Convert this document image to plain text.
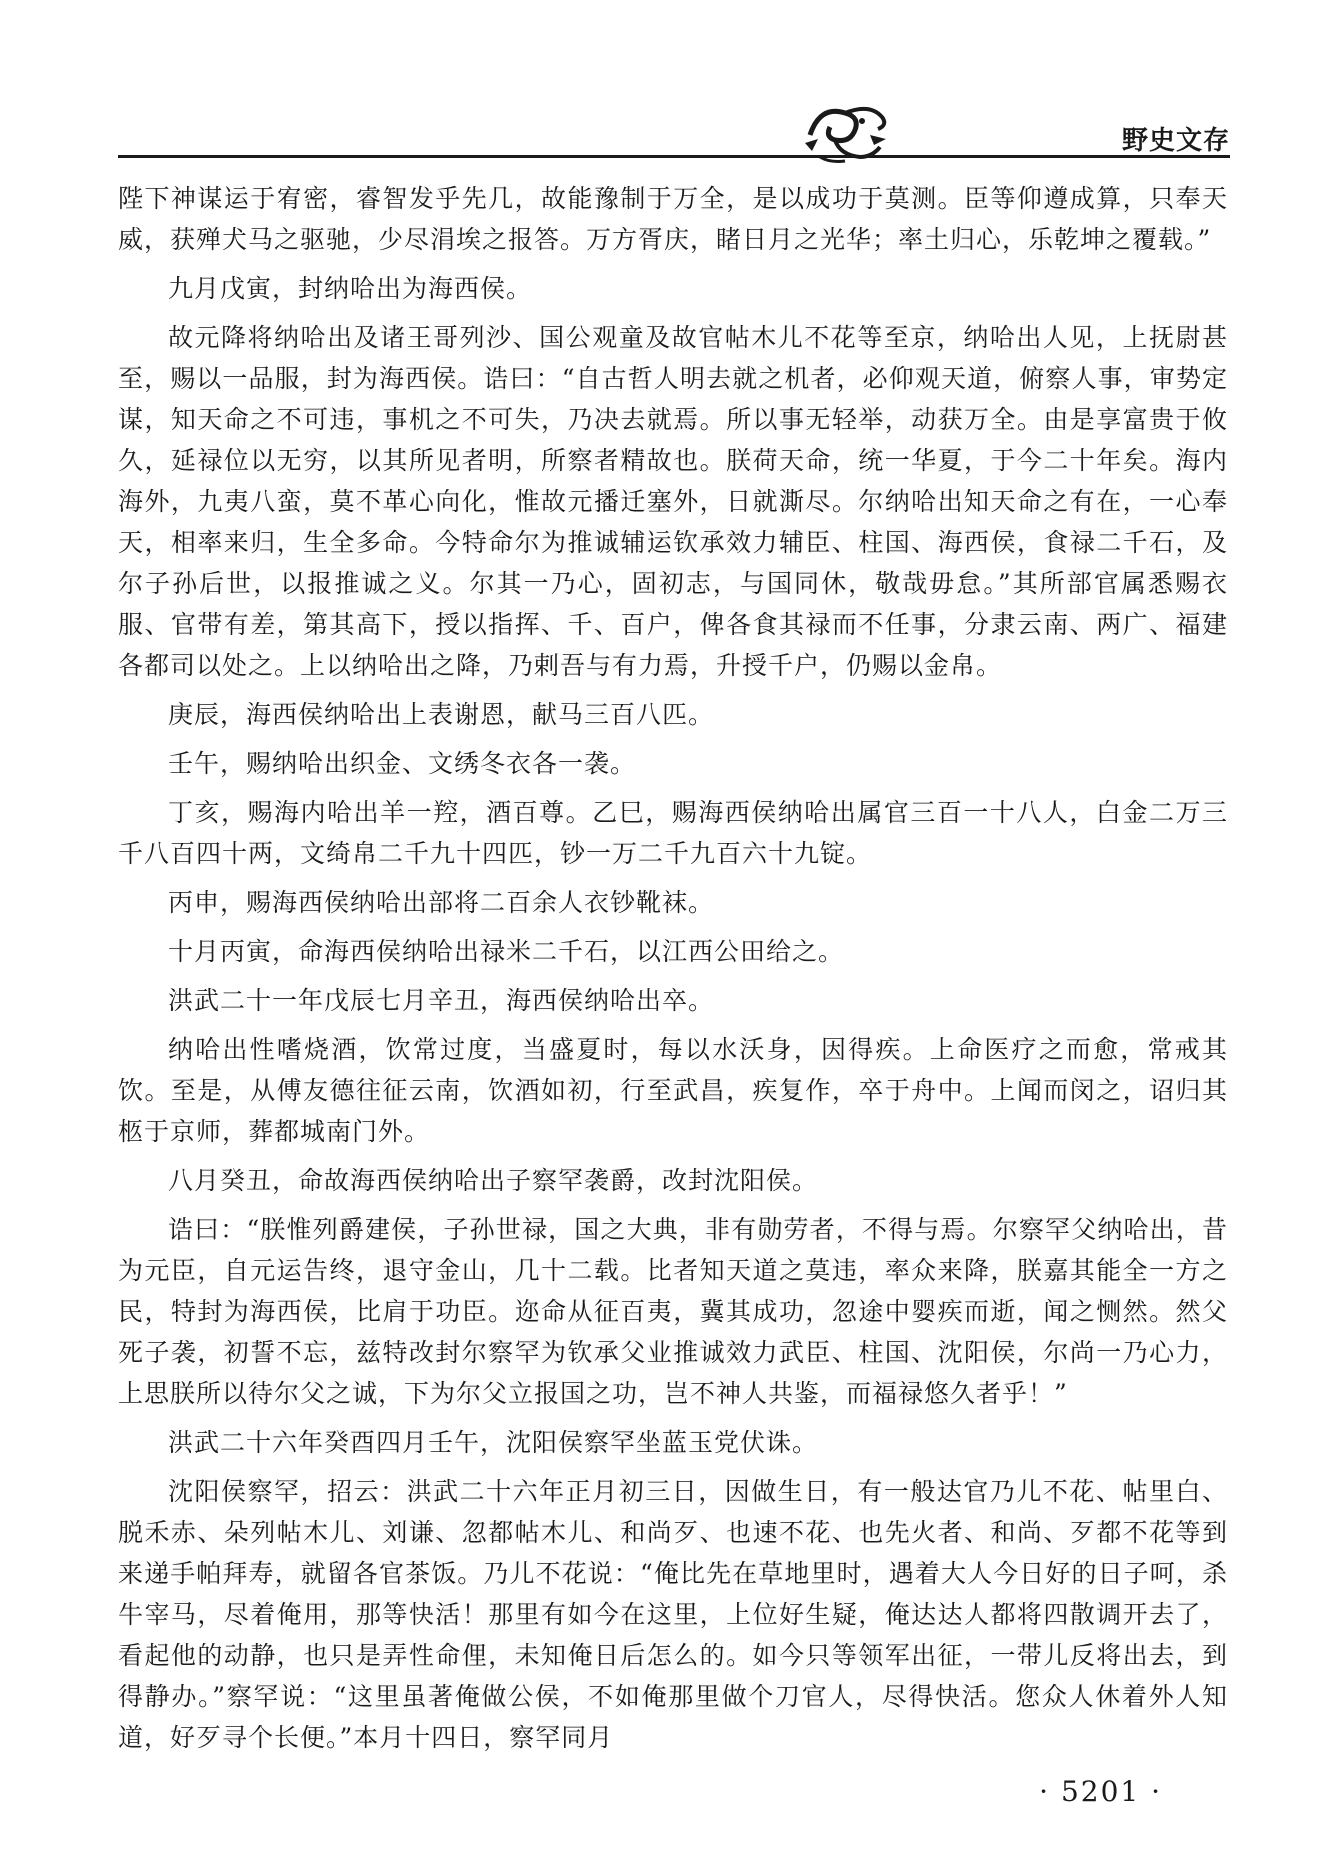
野史文存

陛下神谋运于宥密，睿智发乎先几，故能豫制于万全，是以成功于莫测。臣等仰遵成算，只奉天威，获殚犬马之驱驰，少尽涓埃之报答。万方胥庆，睹日月之光华；率土归心，乐乾坤之覆载。”

九月戊寅，封纳哈出为海西侯。

故元降将纳哈出及诸王哥列沙、国公观童及故官帖木儿不花等至京，纳哈出人见，上抚尉甚至，赐以一品服，封为海西侯。诰曰：“自古哲人明去就之机者，必仰观天道，俯察人事，审势定谋，知天命之不可违，事机之不可失，乃决去就焉。所以事无轻举，动获万全。由是享富贵于攸久，延禄位以无穷，以其所见者明，所察者精故也。朕荷天命，统一华夏，于今二十年矣。海内海外，九夷八蛮，莫不革心向化，惟故元播迁塞外，日就澌尽。尔纳哈出知天命之有在，一心奉天，相率来归，生全多命。今特命尔为推诚辅运钦承效力辅臣、柱国、海西侯，食禄二千石，及尔子孙后世，以报推诚之义。尔其一乃心，固初志，与国同休，敬哉毋怠。”其所部官属悉赐衣服、官带有差，第其高下，授以指挥、千、百户，俾各食其禄而不任事，分隶云南、两广、福建各都司以处之。上以纳哈出之降，乃剌吾与有力焉，升授千户，仍赐以金帛。

庚辰，海西侯纳哈出上表谢恩，献马三百八匹。

壬午，赐纳哈出织金、文绣冬衣各一袭。

丁亥，赐海内哈出羊一羫，酒百尊。乙巳，赐海西侯纳哈出属官三百一十八人，白金二万三千八百四十两，文绮帛二千九十四匹，钞一万二千九百六十九锭。

丙申，赐海西侯纳哈出部将二百余人衣钞靴袜。

十月丙寅，命海西侯纳哈出禄米二千石，以江西公田给之。

洪武二十一年戊辰七月辛丑，海西侯纳哈出卒。

纳哈出性嗜烧酒，饮常过度，当盛夏时，每以水沃身，因得疾。上命医疗之而愈，常戒其饮。至是，从傅友德往征云南，饮酒如初，行至武昌，疾复作，卒于舟中。上闻而闵之，诏归其柩于京师，葬都城南门外。

八月癸丑，命故海西侯纳哈出子察罕袭爵，改封沈阳侯。

诰曰：“朕惟列爵建侯，子孙世禄，国之大典，非有勋劳者，不得与焉。尔察罕父纳哈出，昔为元臣，自元运告终，退守金山，几十二载。比者知天道之莫违，率众来降，朕嘉其能全一方之民，特封为海西侯，比肩于功臣。迩命从征百夷，冀其成功，忽途中婴疾而逝，闻之恻然。然父死子袭，初誓不忘，兹特改封尔察罕为钦承父业推诚效力武臣、柱国、沈阳侯，尔尚一乃心力，上思朕所以待尔父之诚，下为尔父立报国之功，岂不神人共鉴，而福禄悠久者乎！”

洪武二十六年癸酉四月壬午，沈阳侯察罕坐蓝玉党伏诛。

沈阳侯察罕，招云：洪武二十六年正月初三日，因做生日，有一般达官乃儿不花、帖里白、脱禾赤、朵列帖木儿、刘谦、忽都帖木儿、和尚歹、也速不花、也先火者、和尚、歹都不花等到来递手帕拜寿，就留各官茶饭。乃儿不花说：“俺比先在草地里时，遇着大人今日好的日子呵，杀牛宰马，尽着俺用，那等快活！那里有如今在这里，上位好生疑，俺达达人都将四散调开去了，看起他的动静，也只是弄性命俚，未知俺日后怎么的。如今只等领军出征，一带儿反将出去，到得静办。”察罕说：“这里虽著俺做公侯，不如俺那里做个刀官人，尽得快活。您众人休着外人知道，好歹寻个长便。”本月十四日，察罕同月

· 5201 ·
